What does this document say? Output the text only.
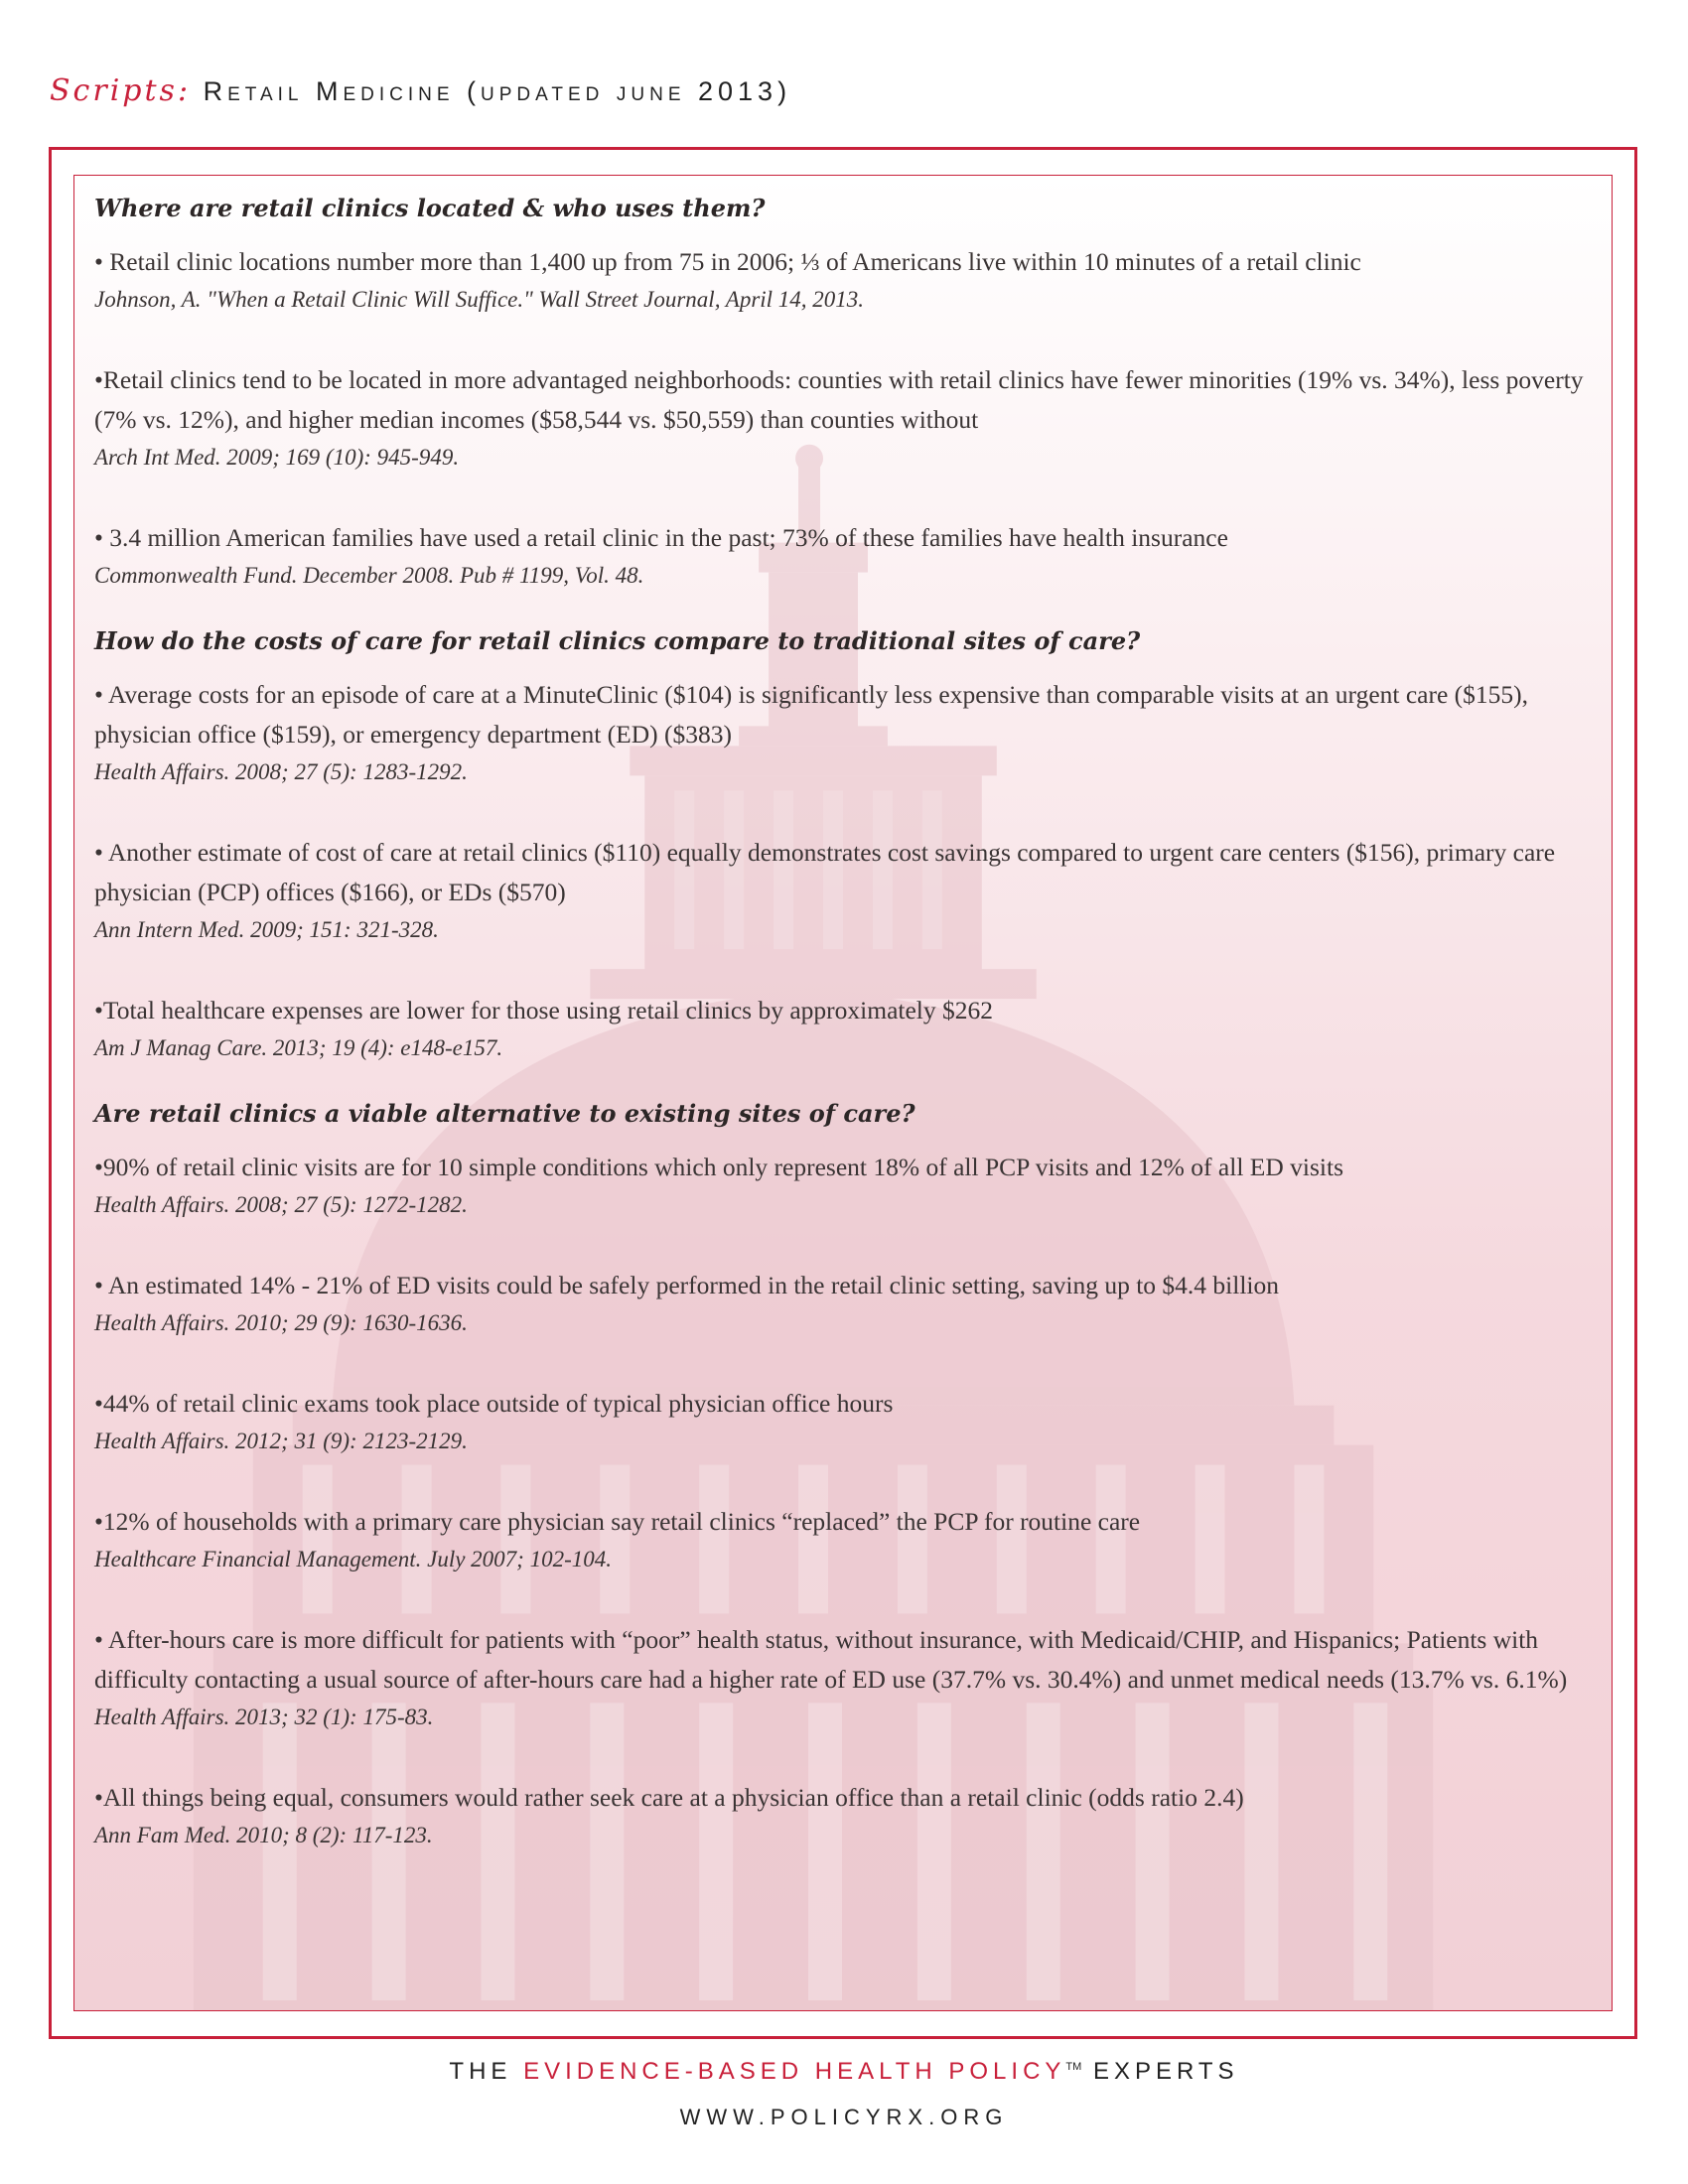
Scripts: Retail Medicine (updated june 2013)
Where are retail clinics located & who uses them?
• Retail clinic locations number more than 1,400 up from 75 in 2006; ⅓ of Americans live within 10 minutes of a retail clinic
Johnson, A. "When a Retail Clinic Will Suffice." Wall Street Journal, April 14, 2013.
•Retail clinics tend to be located in more advantaged neighborhoods: counties with retail clinics have fewer minorities (19% vs. 34%), less poverty (7% vs. 12%), and higher median incomes ($58,544 vs. $50,559) than counties without
Arch Int Med. 2009; 169 (10): 945-949.
• 3.4 million American families have used a retail clinic in the past; 73% of these families have health insurance
Commonwealth Fund. December 2008. Pub # 1199, Vol. 48.
How do the costs of care for retail clinics compare to traditional sites of care?
• Average costs for an episode of care at a MinuteClinic ($104) is significantly less expensive than comparable visits at an urgent care ($155), physician office ($159), or emergency department (ED) ($383)
Health Affairs. 2008; 27 (5): 1283-1292.
• Another estimate of cost of care at retail clinics ($110) equally demonstrates cost savings compared to urgent care centers ($156), primary care physician (PCP) offices ($166), or EDs ($570)
Ann Intern Med. 2009; 151: 321-328.
•Total healthcare expenses are lower for those using retail clinics by approximately $262
Am J Manag Care. 2013; 19 (4): e148-e157.
Are retail clinics a viable alternative to existing sites of care?
•90% of retail clinic visits are for 10 simple conditions which only represent 18% of all PCP visits and 12% of all ED visits
Health Affairs. 2008; 27 (5): 1272-1282.
• An estimated 14% - 21% of ED visits could be safely performed in the retail clinic setting, saving up to $4.4 billion
Health Affairs. 2010; 29 (9): 1630-1636.
•44% of retail clinic exams took place outside of typical physician office hours
Health Affairs. 2012; 31 (9): 2123-2129.
•12% of households with a primary care physician say retail clinics “replaced” the PCP for routine care
Healthcare Financial Management. July 2007; 102-104.
• After-hours care is more difficult for patients with “poor” health status, without insurance, with Medicaid/CHIP, and Hispanics; Patients with difficulty contacting a usual source of after-hours care had a higher rate of ED use (37.7% vs. 30.4%) and unmet medical needs (13.7% vs. 6.1%)
Health Affairs. 2013; 32 (1): 175-83.
•All things being equal, consumers would rather seek care at a physician office than a retail clinic (odds ratio 2.4)
Ann Fam Med. 2010; 8 (2): 117-123.
THE EVIDENCE-BASED HEALTH POLICY™ EXPERTS
WWW.POLICYRX.ORG
